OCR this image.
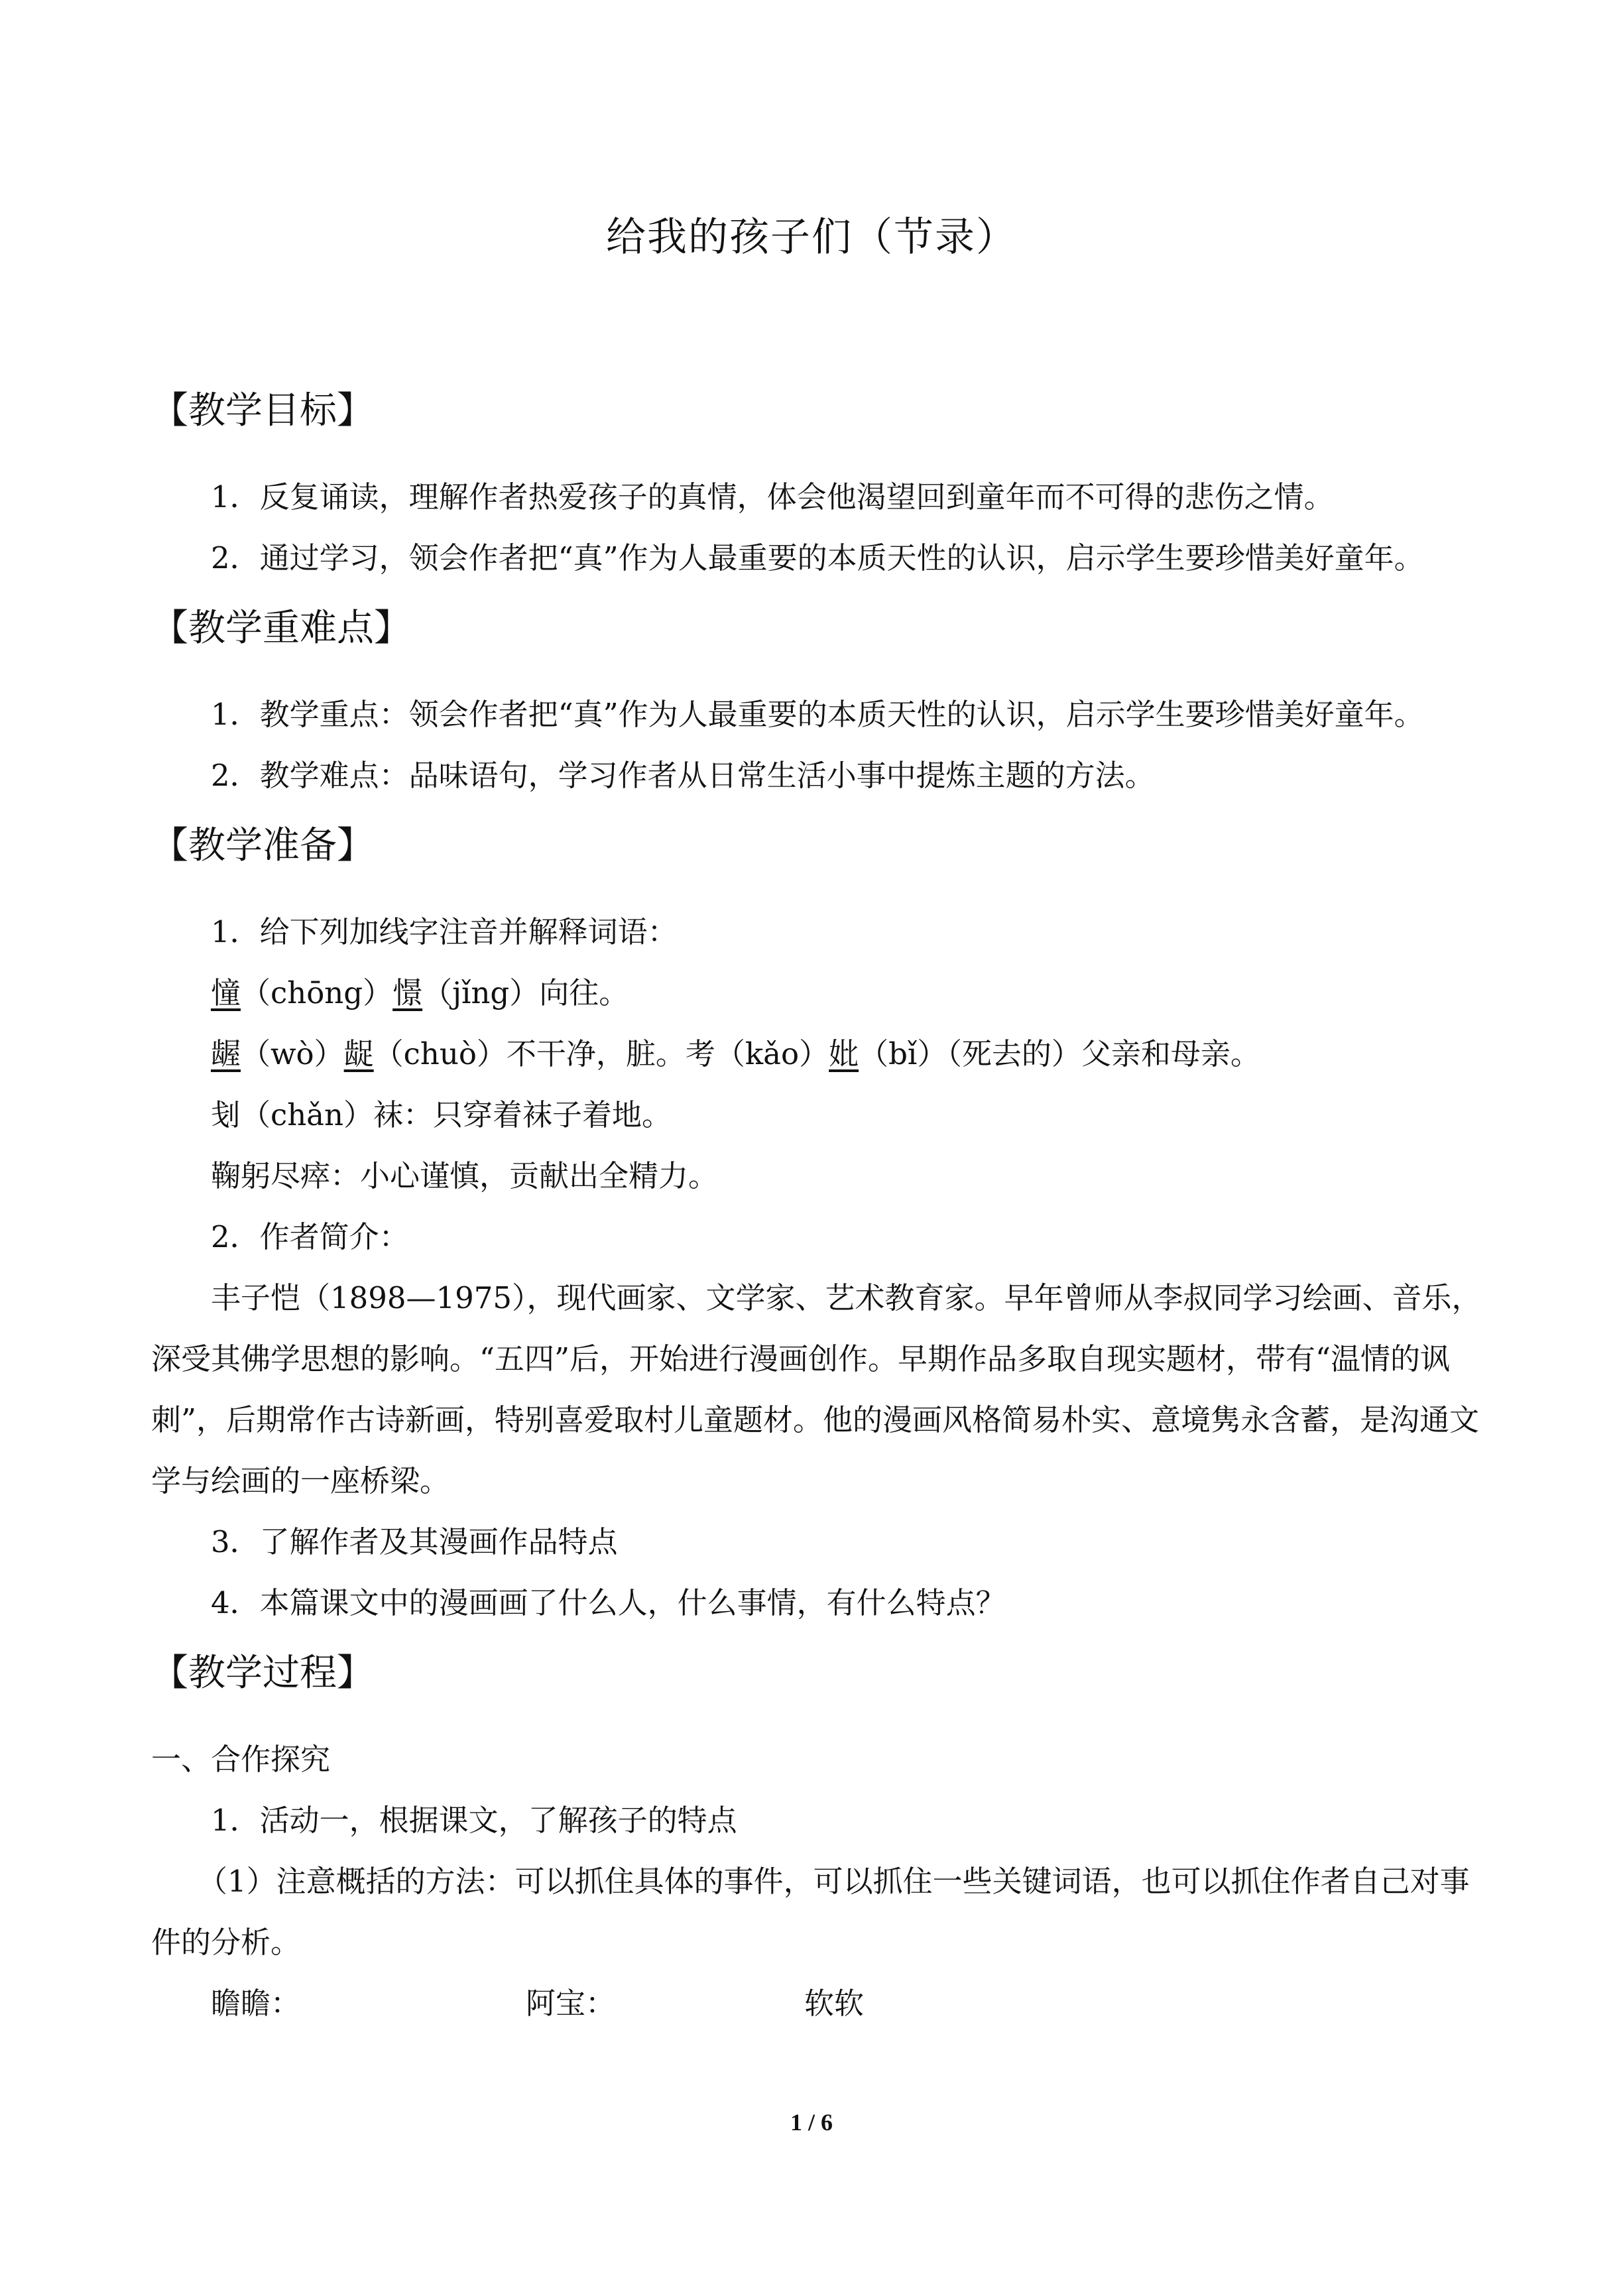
给我的孩子们（节录）
【教学目标】

1．反复诵读，理解作者热爱孩子的真情，体会他渴望回到童年而不可得的悲伤之情。

2．通过学习，领会作者把“真”作为人最重要的本质天性的认识，启示学生要珍惜美好童年。

【教学重难点】

1．教学重点：领会作者把“真”作为人最重要的本质天性的认识，启示学生要珍惜美好童年。

2．教学难点：品味语句，学习作者从日常生活小事中提炼主题的方法。

【教学准备】

1．给下列加线字注音并解释词语：

憧（chōng）憬（jǐng）向往。

龌（wò）龊（chuò）不干净，脏。考（kǎo）妣（bǐ）（死去的）父亲和母亲。

刬（chǎn）袜：只穿着袜子着地。

鞠躬尽瘁：小心谨慎，贡献出全精力。

2．作者简介：

丰子恺（1898—1975），现代画家、文学家、艺术教育家。早年曾师从李叔同学习绘画、音乐，深受其佛学思想的影响。“五四”后，开始进行漫画创作。早期作品多取自现实题材，带有“温情的讽刺”，后期常作古诗新画，特别喜爱取村儿童题材。他的漫画风格简易朴实、意境隽永含蓄，是沟通文学与绘画的一座桥梁。

3．了解作者及其漫画作品特点

4．本篇课文中的漫画画了什么人，什么事情，有什么特点？

【教学过程】

一、合作探究

1．活动一，根据课文，了解孩子的特点

（1）注意概括的方法：可以抓住具体的事件，可以抓住一些关键词语，也可以抓住作者自己对事件的分析。

瞻瞻：	阿宝：	软软
1 / 6
